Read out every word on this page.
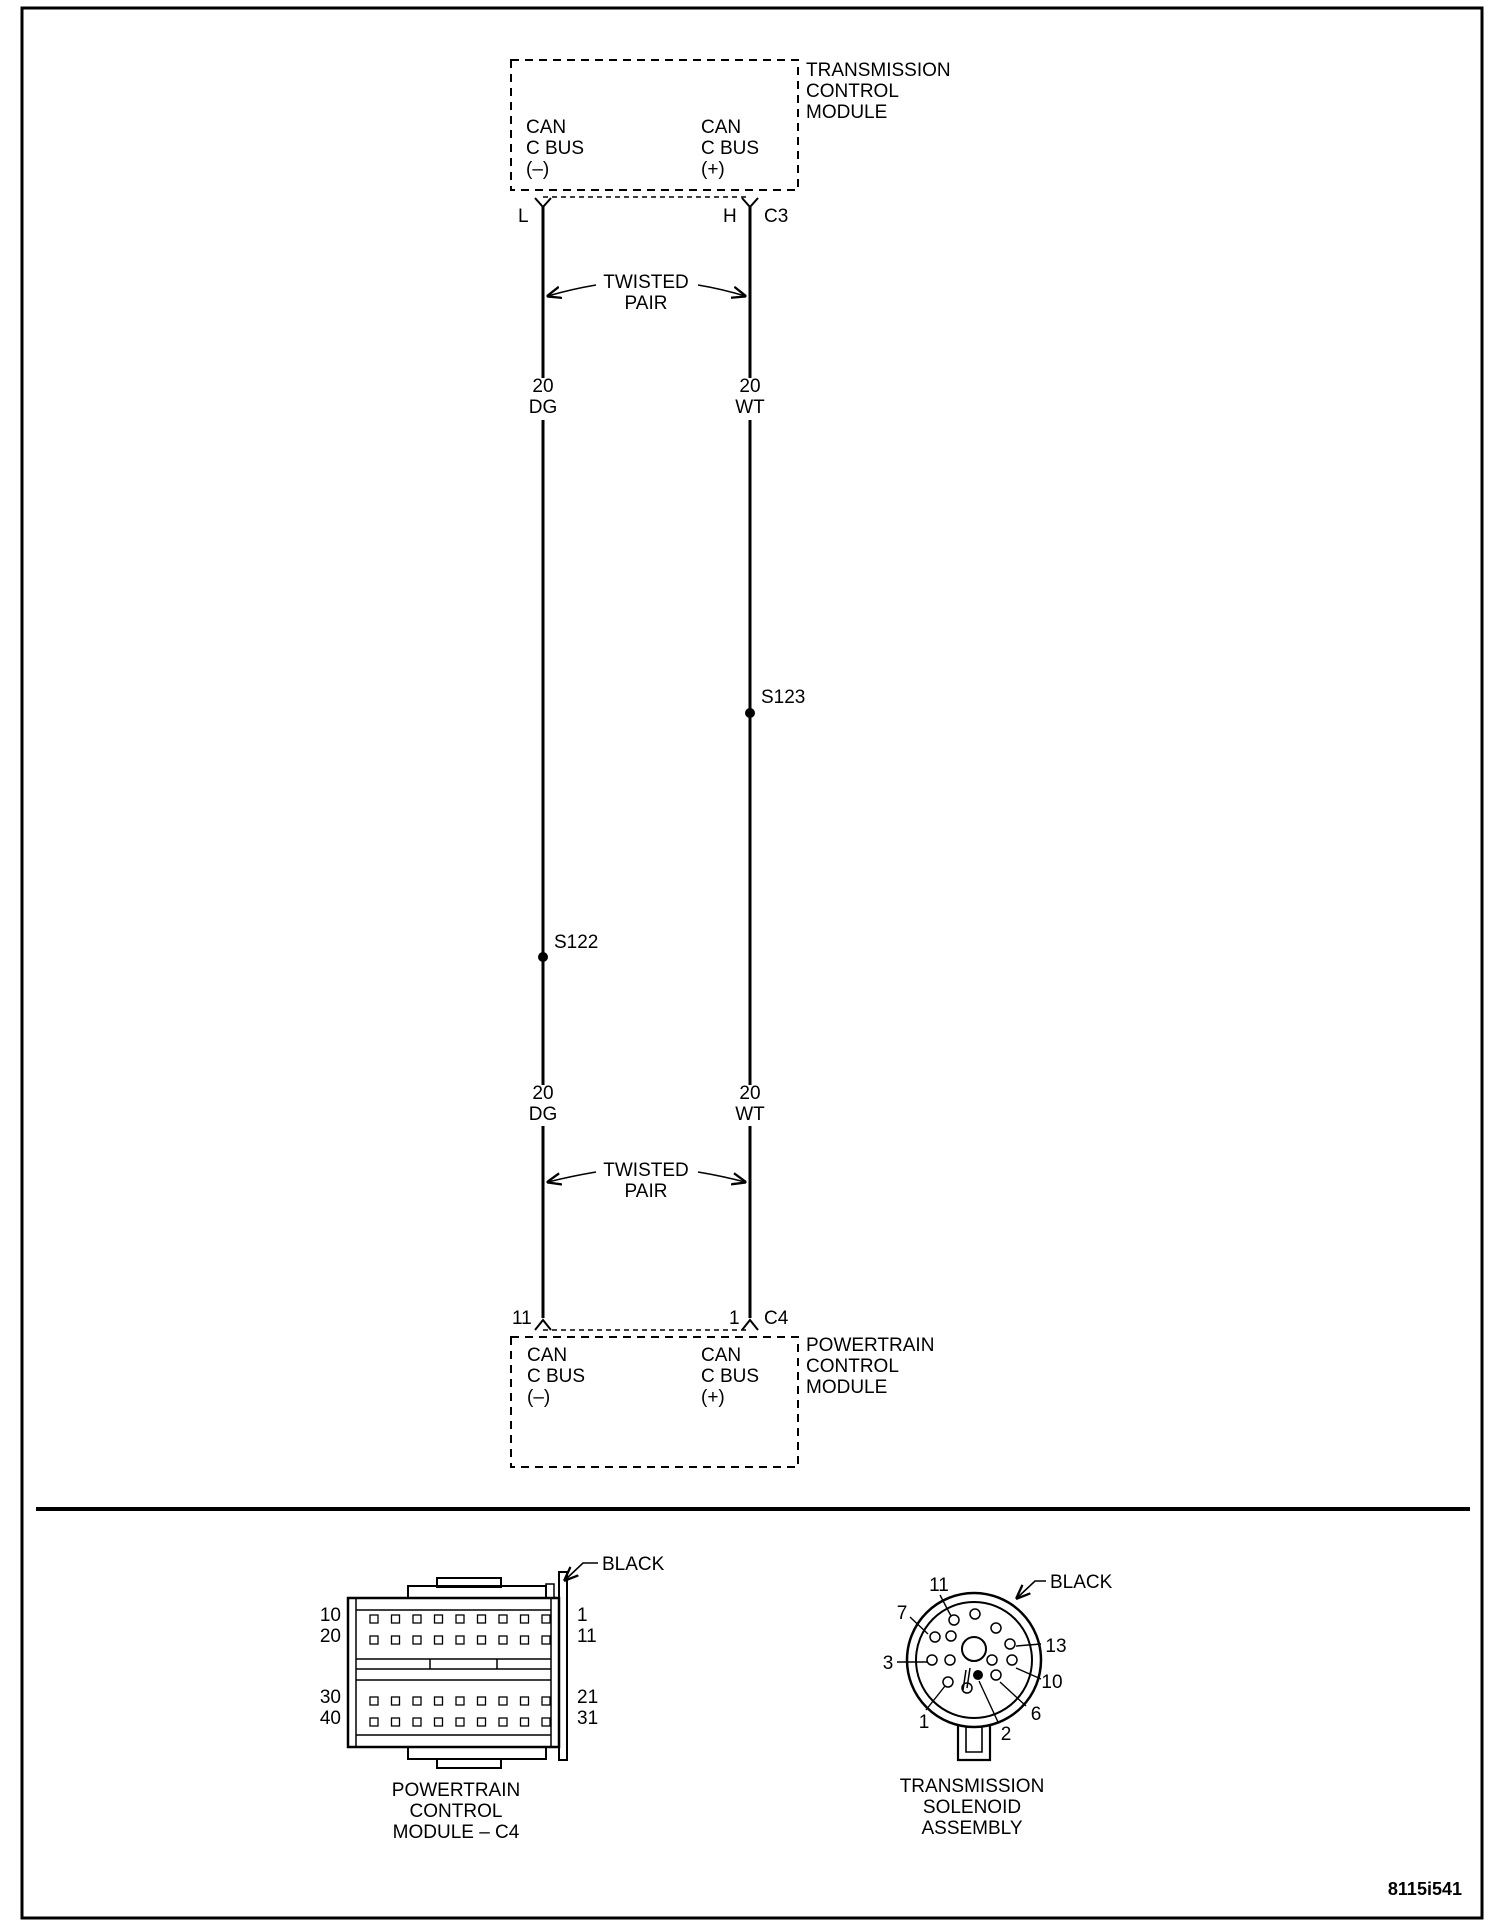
TRANSMISSION
CONTROL
MODULE
CAN
C BUS
(–)
CAN
C BUS
(+)
L	H C3
20
DG
20
WT
20
DG
20
WT
TWISTED
PAIR
TWISTED
PAIR
S123
S122
11	1 C4
POWERTRAIN
CONTROL
MODULE
CAN
C BUS
(–)
CAN
C BUS
(+)
10
20
30
40
1
11
21
31
BLACK
POWERTRAIN
CONTROL
MODULE – C4
11
7
3
1
2
6
10
13
BLACK
TRANSMISSION
SOLENOID
ASSEMBLY
8115i541
